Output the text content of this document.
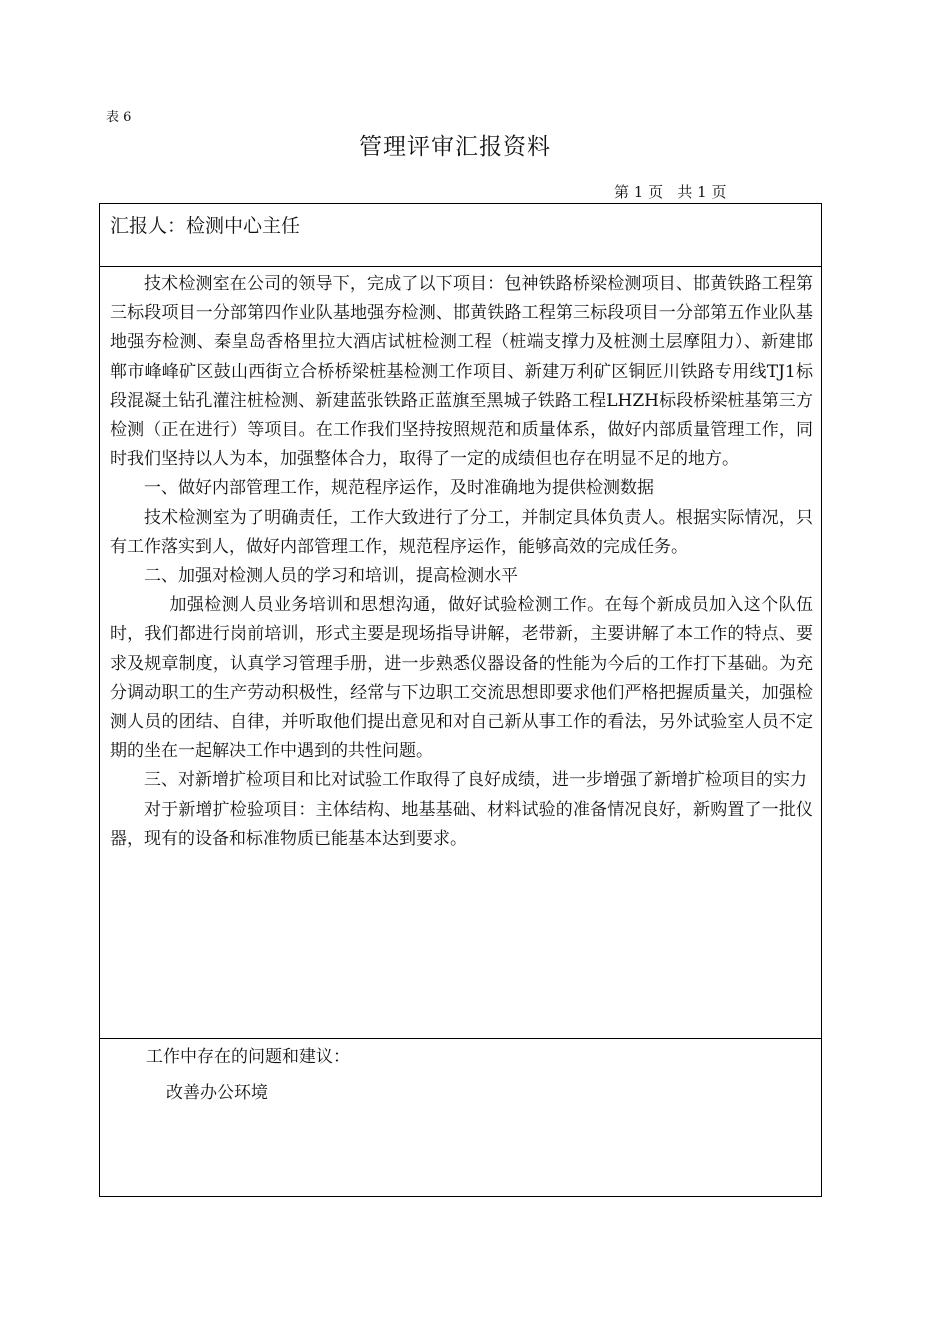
表 6
管理评审汇报资料
第 1 页   共 1 页
汇报人：检测中心主任

技术检测室在公司的领导下，完成了以下项目：包神铁路桥梁检测项目、邯黄铁路工程第三标段项目一分部第四作业队基地强夯检测、邯黄铁路工程第三标段项目一分部第五作业队基地强夯检测、秦皇岛香格里拉大酒店试桩检测工程（桩端支撑力及桩测土层摩阻力）、新建邯郸市峰峰矿区鼓山西街立合桥桥梁桩基检测工作项目、新建万利矿区铜匠川铁路专用线TJ1标段混凝土钻孔灌注桩检测、新建蓝张铁路正蓝旗至黑城子铁路工程LHZH标段桥梁桩基第三方检测（正在进行）等项目。在工作我们坚持按照规范和质量体系，做好内部质量管理工作，同时我们坚持以人为本，加强整体合力，取得了一定的成绩但也存在明显不足的地方。

一、做好内部管理工作，规范程序运作，及时准确地为提供检测数据

技术检测室为了明确责任，工作大致进行了分工，并制定具体负责人。根据实际情况，只有工作落实到人，做好内部管理工作，规范程序运作，能够高效的完成任务。

二、加强对检测人员的学习和培训，提高检测水平

加强检测人员业务培训和思想沟通，做好试验检测工作。在每个新成员加入这个队伍时，我们都进行岗前培训，形式主要是现场指导讲解，老带新，主要讲解了本工作的特点、要求及规章制度，认真学习管理手册，进一步熟悉仪器设备的性能为今后的工作打下基础。为充分调动职工的生产劳动积极性，经常与下边职工交流思想即要求他们严格把握质量关，加强检测人员的团结、自律，并听取他们提出意见和对自己新从事工作的看法，另外试验室人员不定期的坐在一起解决工作中遇到的共性问题。

三、对新增扩检项目和比对试验工作取得了良好成绩，进一步增强了新增扩检项目的实力

对于新增扩检验项目：主体结构、地基基础、材料试验的准备情况良好，新购置了一批仪器，现有的设备和标准物质已能基本达到要求。

工作中存在的问题和建议：
改善办公环境
